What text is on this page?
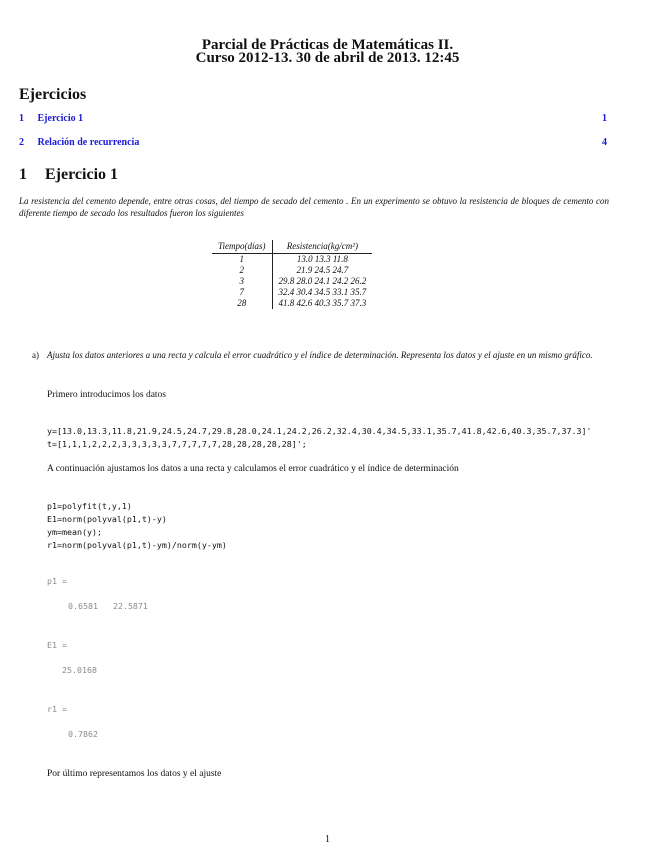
Parcial de Prácticas de Matemáticas II.
Curso 2012-13. 30 de abril de 2013. 12:45
Ejercicios
1 Ejercicio 1	1
2 Relación de recurrencia	4
1 Ejercicio 1
La resistencia del cemento depende, entre otras cosas, del tiempo de secado del cemento . En un experimento se obtuvo la resistencia de bloques de cemento con diferente tiempo de secado los resultados fueron los siguientes
Tiempo(días)	Resistencia(kg/cm²)
1	13.0 13.3 11.8
2	21.9 24.5 24.7
3	29.8 28.0 24.1 24.2 26.2
7	32.4 30.4 34.5 33.1 35.7
28	41.8 42.6 40.3 35.7 37.3
a) Ajusta los datos anteriores a una recta y calcula el error cuadrático y el índice de determinación. Representa los datos y el ajuste en un mismo gráfico.
Primero introducimos los datos
y=[13.0,13.3,11.8,21.9,24.5,24.7,29.8,28.0,24.1,24.2,26.2,32.4,30.4,34.5,33.1,35.7,41.8,42.6,40.3,35.7,37.3]'
t=[1,1,1,2,2,2,3,3,3,3,3,7,7,7,7,7,28,28,28,28,28]';
A continuación ajustamos los datos a una recta y calculamos el error cuadrático y el índice de determinación
p1=polyfit(t,y,1)
E1=norm(polyval(p1,t)-y)
ym=mean(y);
r1=norm(polyval(p1,t)-ym)/norm(y-ym)
p1 =
0.6581   22.5871
E1 =
25.0168
r1 =
0.7862
Por último representamos los datos y el ajuste
1
